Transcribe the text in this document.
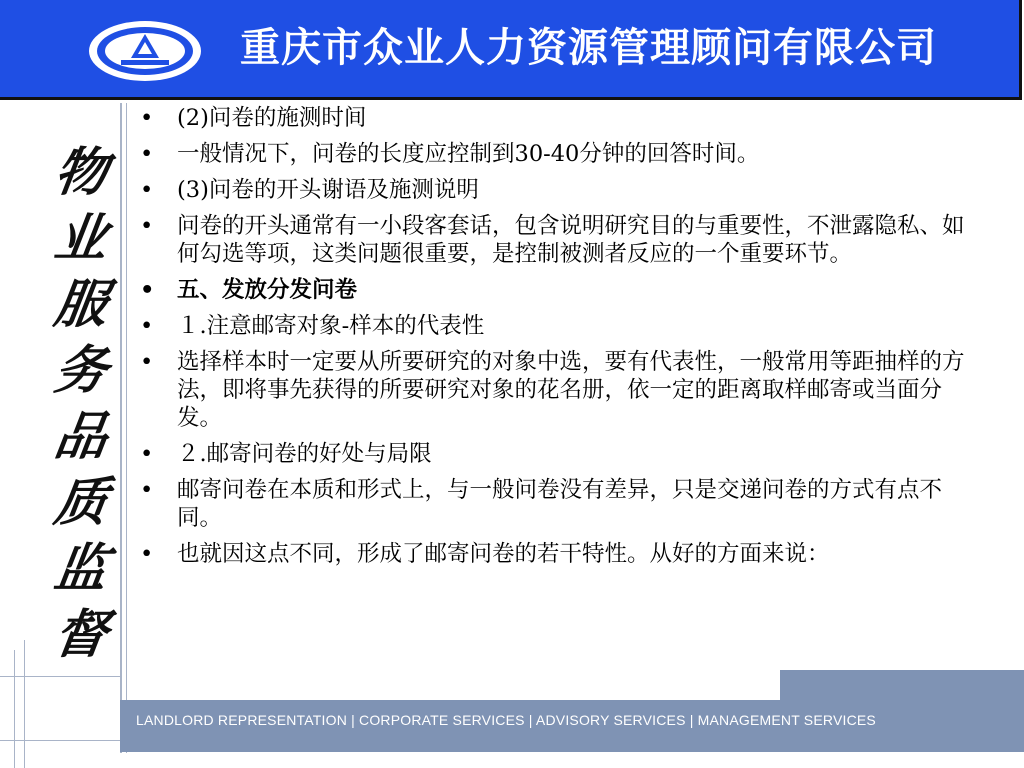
重庆市众业人力资源管理顾问有限公司
物
业
服
务
品
质
监
督
• (2)问卷的施测时间
• 一般情况下，问卷的长度应控制到30-40分钟的回答时间。
• (3)问卷的开头谢语及施测说明
• 问卷的开头通常有一小段客套话，包含说明研究目的与重要性，不泄露隐私、如何勾选等项，这类问题很重要，是控制被测者反应的一个重要环节。
• 五、发放分发问卷
• １.注意邮寄对象-样本的代表性
• 选择样本时一定要从所要研究的对象中选，要有代表性，一般常用等距抽样的方法，即将事先获得的所要研究对象的花名册，依一定的距离取样邮寄或当面分发。
• ２.邮寄问卷的好处与局限
• 邮寄问卷在本质和形式上，与一般问卷没有差异，只是交递问卷的方式有点不同。
• 也就因这点不同，形成了邮寄问卷的若干特性。从好的方面来说：
LANDLORD REPRESENTATION | CORPORATE SERVICES | ADVISORY SERVICES | MANAGEMENT SERVICES
